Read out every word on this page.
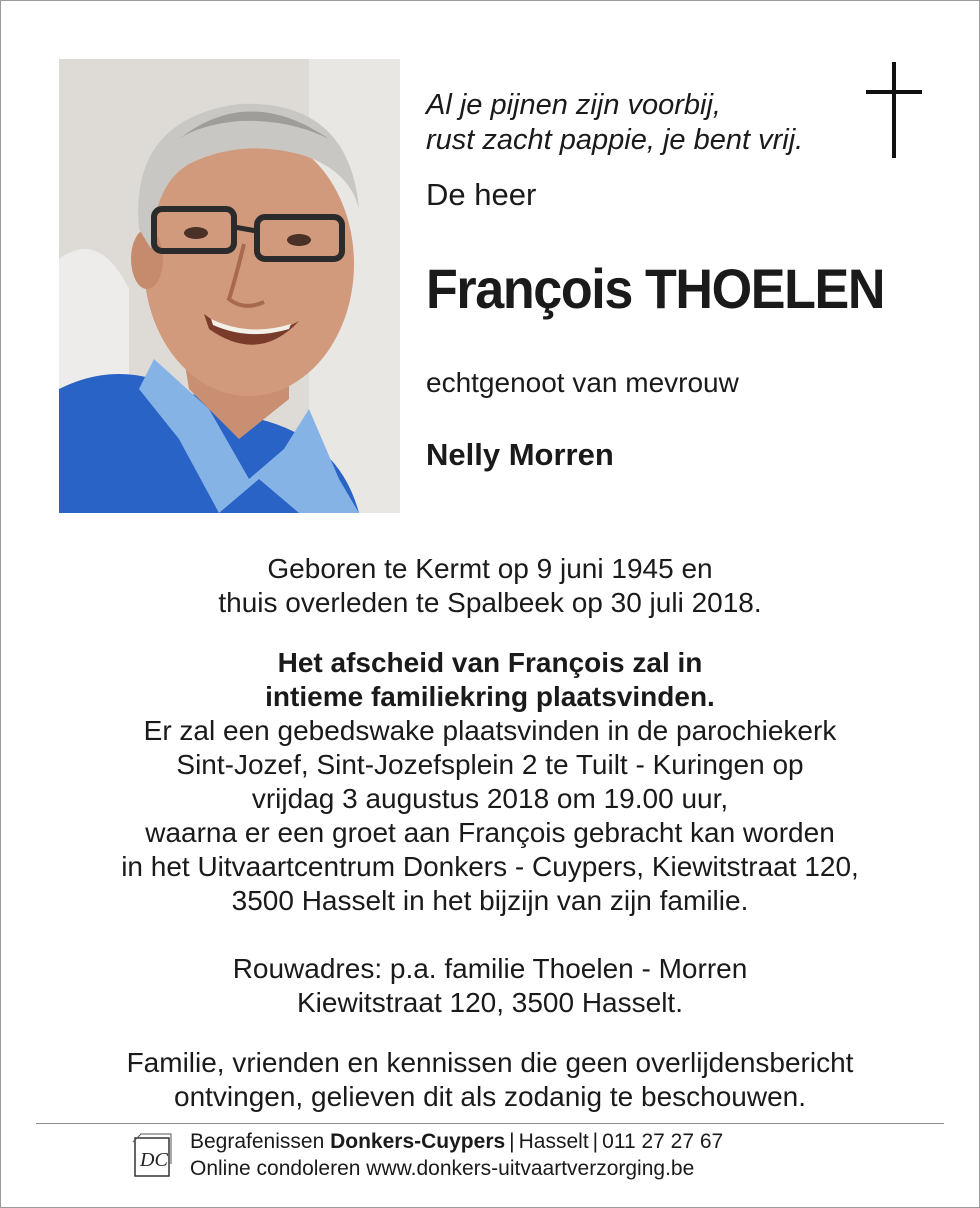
Al je pijnen zijn voorbij,
rust zacht pappie, je bent vrij.
De heer
François THOELEN
echtgenoot van mevrouw
Nelly Morren
Geboren te Kermt op 9 juni 1945 en
thuis overleden te Spalbeek op 30 juli 2018.
Het afscheid van François zal in
intieme familiekring plaatsvinden.
Er zal een gebedswake plaatsvinden in de parochiekerk
Sint-Jozef, Sint-Jozefsplein 2 te Tuilt - Kuringen op
vrijdag 3 augustus 2018 om 19.00 uur,
waarna er een groet aan François gebracht kan worden
in het Uitvaartcentrum Donkers - Cuypers, Kiewitstraat 120,
3500 Hasselt in het bijzijn van zijn familie.
Rouwadres: p.a. familie Thoelen - Morren
Kiewitstraat 120, 3500 Hasselt.
Familie, vrienden en kennissen die geen overlijdensbericht
ontvingen, gelieven dit als zodanig te beschouwen.
DC
Begrafenissen Donkers-Cuypers | Hasselt | 011 27 27 67
Online condoleren www.donkers-uitvaartverzorging.be
